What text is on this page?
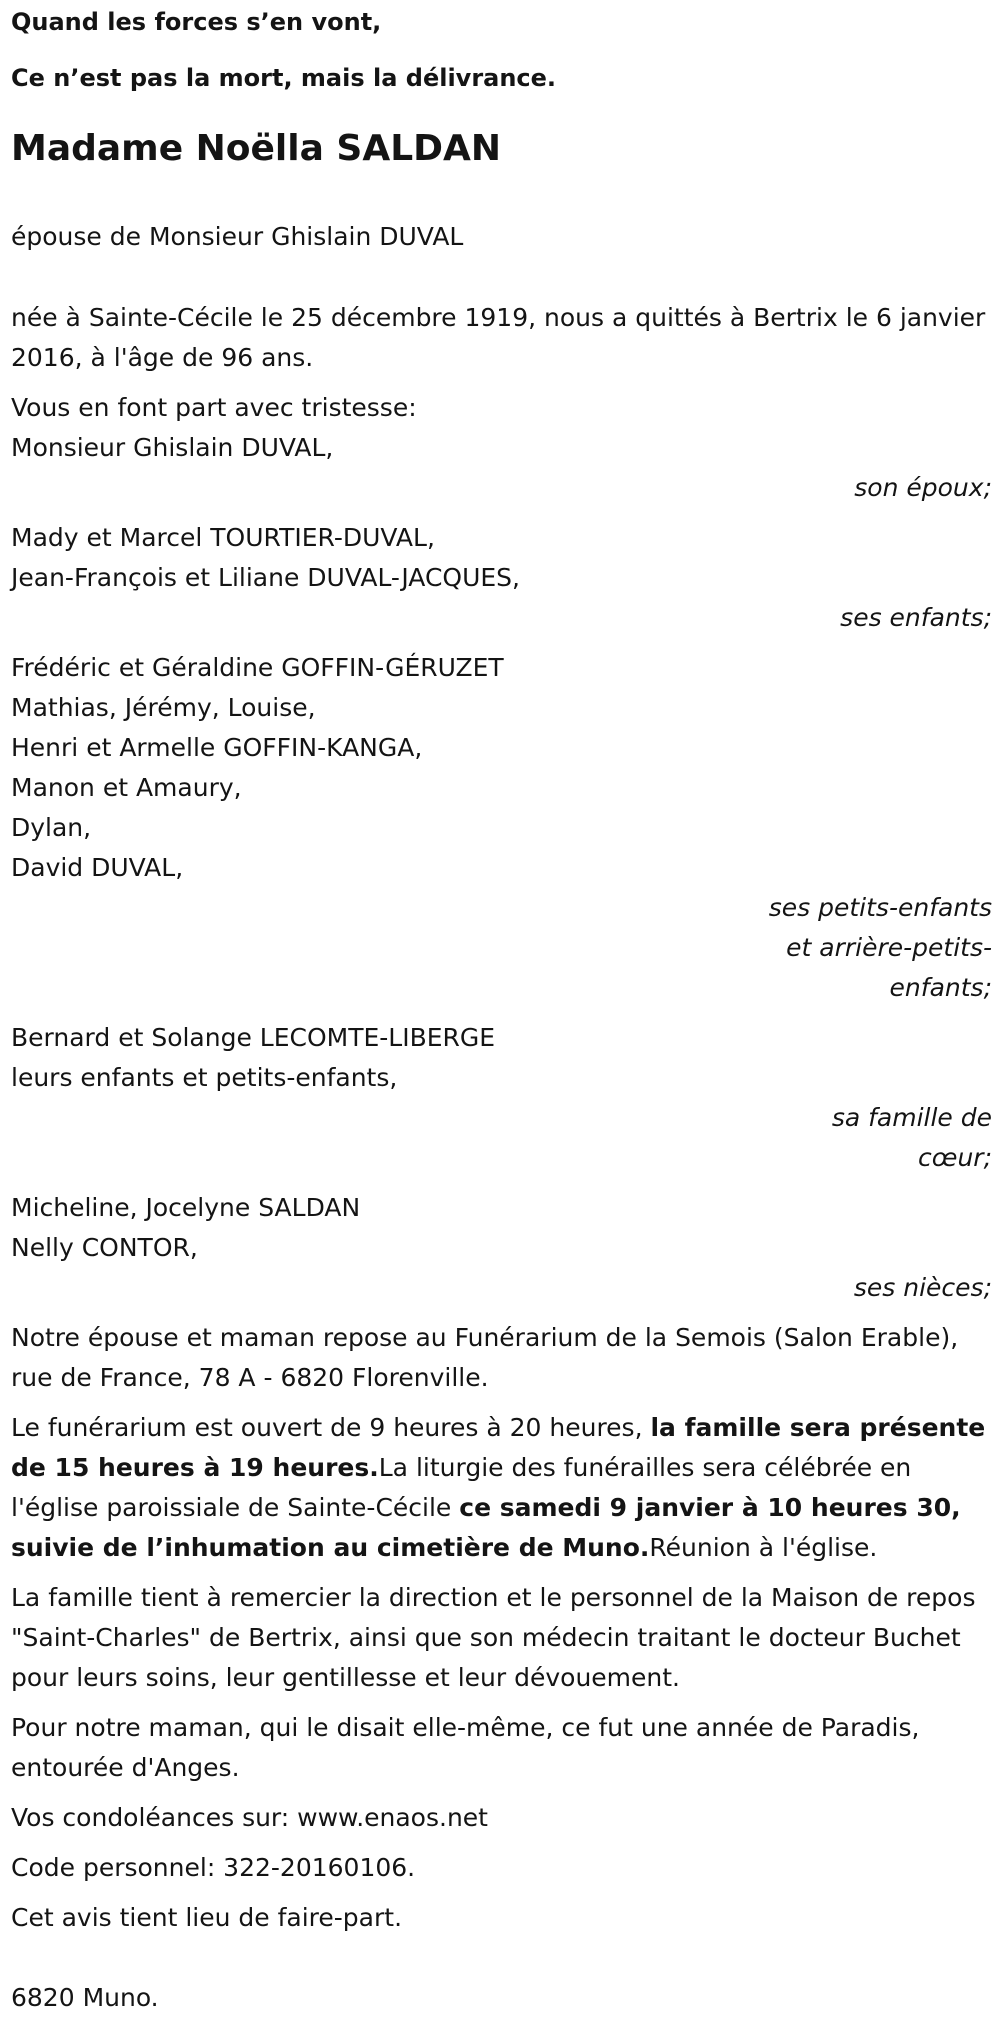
Quand les forces s’en vont,

Ce n’est pas la mort, mais la délivrance.

Madame Noëlla SALDAN

épouse de Monsieur Ghislain DUVAL

née à Sainte-Cécile le 25 décembre 1919, nous a quittés à Bertrix le 6 janvier 2016, à l'âge de 96 ans.

Vous en font part avec tristesse:

Monsieur Ghislain DUVAL,
son époux;
Mady et Marcel TOURTIER-DUVAL,
Jean-François et Liliane DUVAL-JACQUES,
ses enfants;
Frédéric et Géraldine GOFFIN-GÉRUZET
Mathias, Jérémy, Louise,
Henri et Armelle GOFFIN-KANGA,
Manon et Amaury,
Dylan,
David DUVAL,
ses petits-enfants et arrière-petits-enfants;
Bernard et Solange LECOMTE-LIBERGE
leurs enfants et petits-enfants,
sa famille de cœur;
Micheline, Jocelyne SALDAN
Nelly CONTOR,
ses nièces;

Notre épouse et maman repose au Funérarium de la Semois (Salon Erable), rue de France, 78 A - 6820 Florenville.

Le funérarium est ouvert de 9 heures à 20 heures, la famille sera présente de 15 heures à 19 heures.La liturgie des funérailles sera célébrée en l'église paroissiale de Sainte-Cécile ce samedi 9 janvier à 10 heures 30, suivie de l’inhumation au cimetière de Muno.Réunion à l'église.

La famille tient à remercier la direction et le personnel de la Maison de repos "Saint-Charles" de Bertrix, ainsi que son médecin traitant le docteur Buchet pour leurs soins, leur gentillesse et leur dévouement.

Pour notre maman, qui le disait elle-même, ce fut une année de Paradis, entourée d'Anges.

Vos condoléances sur: www.enaos.net

Code personnel: 322-20160106.

Cet avis tient lieu de faire-part.

6820 Muno.
